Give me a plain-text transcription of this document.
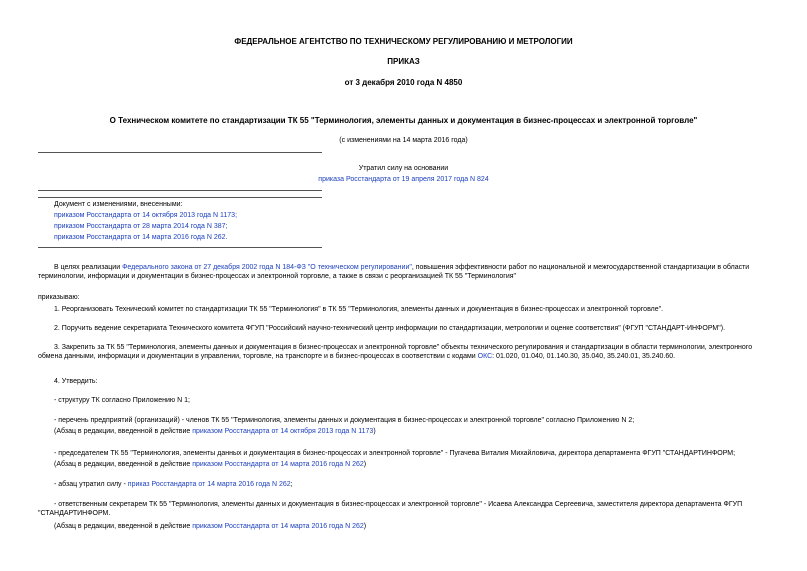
ФЕДЕРАЛЬНОЕ АГЕНТСТВО ПО ТЕХНИЧЕСКОМУ РЕГУЛИРОВАНИЮ И МЕТРОЛОГИИ
ПРИКАЗ
от 3 декабря 2010 года N 4850
О Техническом комитете по стандартизации ТК 55 "Терминология, элементы данных и документация в бизнес-процессах и электронной торговле"
(с изменениями на 14 марта 2016 года)
Утратил силу на основании
приказа Росстандарта от 19 апреля 2017 года N 824
Документ с изменениями, внесенными:
приказом Росстандарта от 14 октября 2013 года N 1173;
приказом Росстандарта от 28 марта 2014 года N 387;
приказом Росстандарта от 14 марта 2016 года N 262.
В целях реализации Федерального закона от 27 декабря 2002 года N 184-ФЗ "О техническом регулировании", повышения эффективности работ по национальной и межгосударственной стандартизации в области терминологии, информации и документации в бизнес-процессах и электронной торговле, а также в связи с реорганизацией ТК 55 "Терминология"
приказываю:
1. Реорганизовать Технический комитет по стандартизации ТК 55 "Терминология" в ТК 55 "Терминология, элементы данных и документация в бизнес-процессах и электронной торговле".
2. Поручить ведение секретариата Технического комитета ФГУП "Российский научно-технический центр информации по стандартизации, метрологии и оценке соответствия" (ФГУП "СТАНДАРТ-ИНФОРМ").
3. Закрепить за ТК 55 "Терминология, элементы данных и документация в бизнес-процессах и электронной торговле" объекты технического регулирования и стандартизации в области терминологии, электронного обмена данными, информации и документации в управлении, торговле, на транспорте и в бизнес-процессах в соответствии с кодами ОКС: 01.020, 01.040, 01.140.30, 35.040, 35.240.01, 35.240.60.
4. Утвердить:
- структуру ТК согласно Приложению N 1;
- перечень предприятий (организаций) - членов ТК 55 "Терминология, элементы данных и документация в бизнес-процессах и электронной торговле" согласно Приложению N 2;
(Абзац в редакции, введенной в действие приказом Росстандарта от 14 октября 2013 года N 1173)
- председателем ТК 55 "Терминология, элементы данных и документация в бизнес-процессах и электронной торговле" - Пугачева Виталия Михайловича, директора департамента ФГУП "СТАНДАРТИНФОРМ;
(Абзац в редакции, введенной в действие приказом Росстандарта от 14 марта 2016 года N 262)
- абзац утратил силу - приказ Росстандарта от 14 марта 2016 года N 262;
- ответственным секретарем ТК 55 "Терминология, элементы данных и документация в бизнес-процессах и электронной торговле" - Исаева Александра Сергеевича, заместителя директора департамента ФГУП "СТАНДАРТИНФОРМ.
(Абзац в редакции, введенной в действие приказом Росстандарта от 14 марта 2016 года N 262)
